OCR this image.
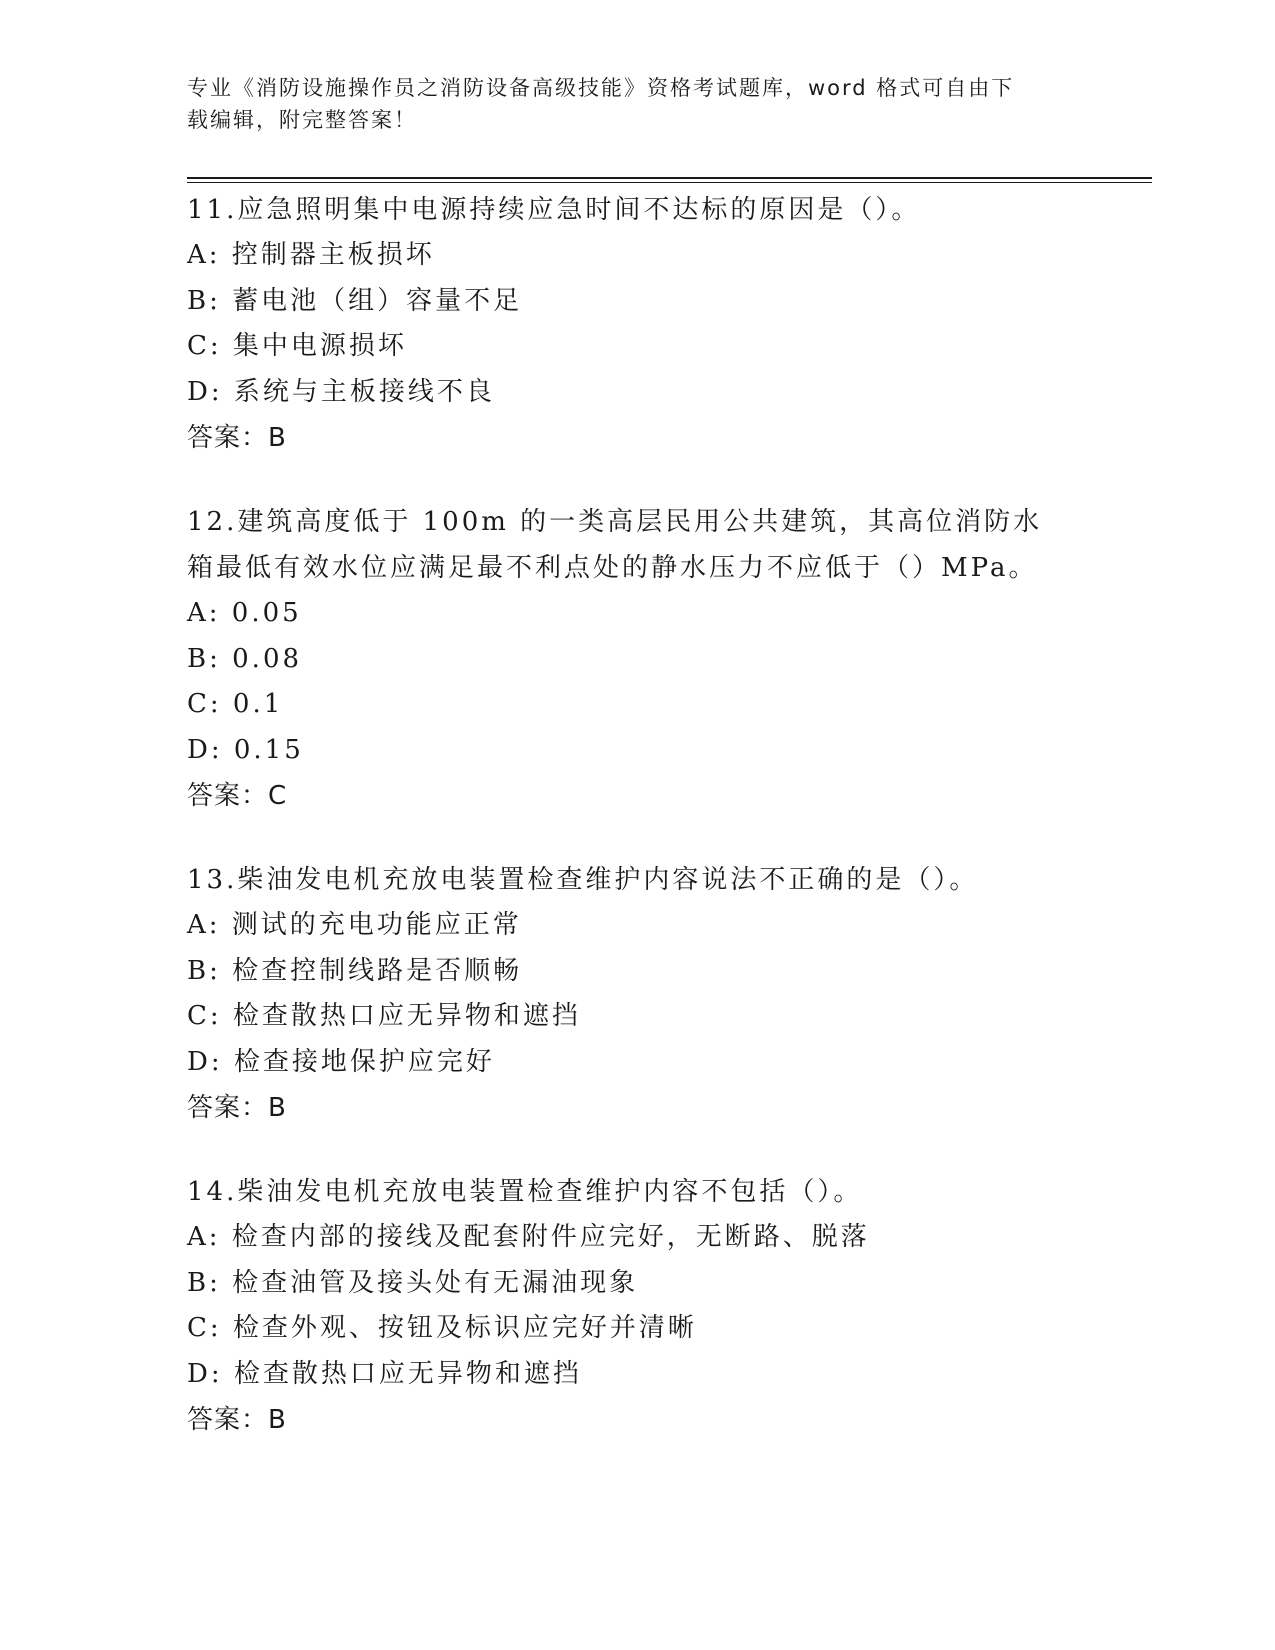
专业《消防设施操作员之消防设备高级技能》资格考试题库，word 格式可自由下
载编辑，附完整答案！
11.应急照明集中电源持续应急时间不达标的原因是（）。
A: 控制器主板损坏
B: 蓄电池（组）容量不足
C: 集中电源损坏
D: 系统与主板接线不良
答案：B
12.建筑高度低于 100m 的一类高层民用公共建筑，其高位消防水箱最低有效水位应满足最不利点处的静水压力不应低于（）MPa。
A: 0.05
B: 0.08
C: 0.1
D: 0.15
答案：C
13.柴油发电机充放电装置检查维护内容说法不正确的是（）。
A: 测试的充电功能应正常
B: 检查控制线路是否顺畅
C: 检查散热口应无异物和遮挡
D: 检查接地保护应完好
答案：B
14.柴油发电机充放电装置检查维护内容不包括（）。
A: 检查内部的接线及配套附件应完好，无断路、脱落
B: 检查油管及接头处有无漏油现象
C: 检查外观、按钮及标识应完好并清晰
D: 检查散热口应无异物和遮挡
答案：B
